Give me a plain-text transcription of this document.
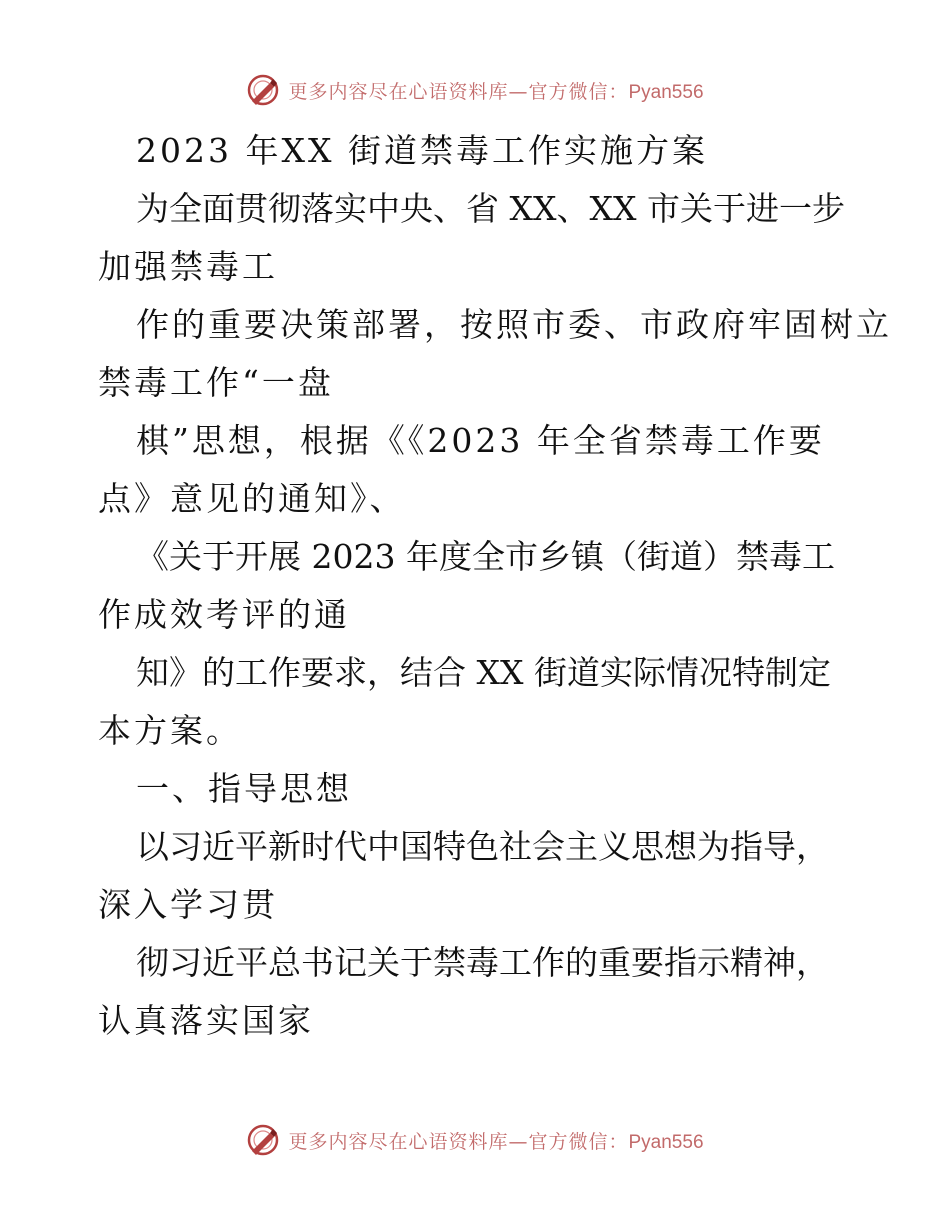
更多内容尽在心语资料库—官方微信：Pyan556
2023 年XX 街道禁毒工作实施方案
为全面贯彻落实中央、省 XX、XX 市关于进一步
加强禁毒工
作的重要决策部署，按照市委、市政府牢固树立
禁毒工作“一盘
棋”思想，根据《《2023 年全省禁毒工作要
点》意见的通知》、
《关于开展 2023 年度全市乡镇（街道）禁毒工
作成效考评的通
知》的工作要求，结合 XX 街道实际情况特制定
本方案。
一、指导思想
以习近平新时代中国特色社会主义思想为指导，
深入学习贯
彻习近平总书记关于禁毒工作的重要指示精神，
认真落实国家
更多内容尽在心语资料库—官方微信：Pyan556
